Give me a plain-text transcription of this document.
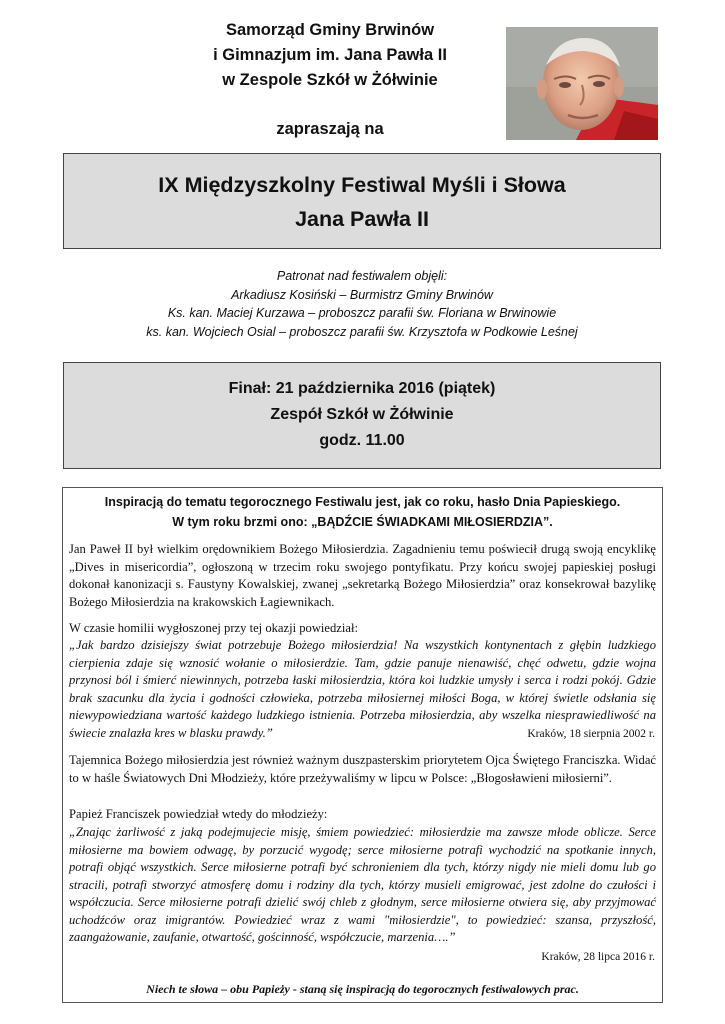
Samorząd Gminy Brwinów
i Gimnazjum im. Jana Pawła II
w Zespole Szkół w Żółwinie
zapraszają na
IX Międzyszkolny Festiwal Myśli i Słowa
Jana Pawła II
Patronat nad festiwalem objęli:
Arkadiusz Kosiński – Burmistrz Gminy Brwinów
Ks. kan. Maciej Kurzawa – proboszcz parafii św. Floriana w Brwinowie
ks. kan. Wojciech Osial – proboszcz parafii św. Krzysztofa w Podkowie Leśnej
Finał: 21 października 2016 (piątek)
Zespół Szkół w Żółwinie
godz. 11.00
Inspiracją do tematu tegorocznego Festiwalu jest, jak co roku, hasło Dnia Papieskiego.
W tym roku brzmi ono: „BĄDŹCIE ŚWIADKAMI MIŁOSIERDZIA”.
Jan Paweł II był wielkim orędownikiem Bożego Miłosierdzia. Zagadnieniu temu poświecił drugą swoją encyklikę „Dives in misericordia”, ogłoszoną w trzecim roku swojego pontyfikatu. Przy końcu swojej papieskiej posługi dokonał kanonizacji s. Faustyny Kowalskiej, zwanej „sekretarką Bożego Miłosierdzia” oraz konsekrował bazylikę Bożego Miłosierdzia na krakowskich Łagiewnikach.
W czasie homilii wygłoszonej przy tej okazji powiedział:
„Jak bardzo dzisiejszy świat potrzebuje Bożego miłosierdzia! Na wszystkich kontynentach z głębin ludzkiego cierpienia zdaje się wznosić wołanie o miłosierdzie. Tam, gdzie panuje nienawiść, chęć odwetu, gdzie wojna przynosi ból i śmierć niewinnych, potrzeba łaski miłosierdzia, która koi ludzkie umysły i serca i rodzi pokój. Gdzie brak szacunku dla życia i godności człowieka, potrzeba miłosiernej miłości Boga, w której świetle odsłania się niewypowiedziana wartość każdego ludzkiego istnienia. Potrzeba miłosierdzia, aby wszelka niesprawiedliwość na świecie znalazła kres w blasku prawdy.”	Kraków, 18 sierpnia 2002 r.
Tajemnica Bożego miłosierdzia jest również ważnym duszpasterskim priorytetem Ojca Świętego Franciszka. Widać to w haśle Światowych Dni Młodzieży, które przeżywaliśmy w lipcu w Polsce: „Błogosławieni miłosierni”.
Papież Franciszek powiedział wtedy do młodzieży:
„Znając żarliwość z jaką podejmujecie misję, śmiem powiedzieć: miłosierdzie ma zawsze młode oblicze. Serce miłosierne ma bowiem odwagę, by porzucić wygodę; serce miłosierne potrafi wychodzić na spotkanie innych, potrafi objąć wszystkich. Serce miłosierne potrafi być schronieniem dla tych, którzy nigdy nie mieli domu lub go stracili, potrafi stworzyć atmosferę domu i rodziny dla tych, którzy musieli emigrować, jest zdolne do czułości i współczucia. Serce miłosierne potrafi dzielić swój chleb z głodnym, serce miłosierne otwiera się, aby przyjmować uchodźców oraz imigrantów. Powiedzieć wraz z wami "miłosierdzie", to powiedzieć: szansa, przyszłość, zaangażowanie, zaufanie, otwartość, gościnność, współczucie, marzenia….”
Kraków, 28 lipca 2016 r.
Niech te słowa – obu Papieży - staną się inspiracją do tegorocznych festiwalowych prac.
